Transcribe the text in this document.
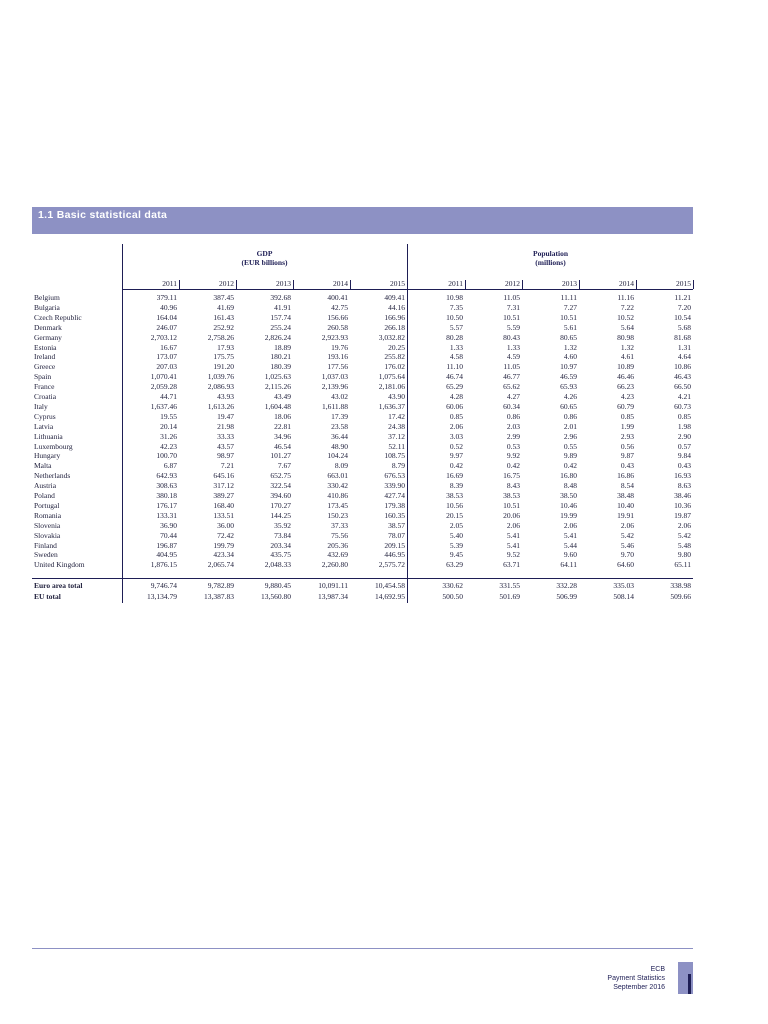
1.1 Basic statistical data
GDP
(EUR billions)
Population
(millions)
2011	2012	2013	2014	2015	2011	2012	2013	2014	2015
Belgium	379.11	387.45	392.68	400.41	409.41	10.98	11.05	11.11	11.16	11.21
Bulgaria	40.96	41.69	41.91	42.75	44.16	7.35	7.31	7.27	7.22	7.20
Czech Republic	164.04	161.43	157.74	156.66	166.96	10.50	10.51	10.51	10.52	10.54
Denmark	246.07	252.92	255.24	260.58	266.18	5.57	5.59	5.61	5.64	5.68
Germany	2,703.12	2,758.26	2,826.24	2,923.93	3,032.82	80.28	80.43	80.65	80.98	81.68
Estonia	16.67	17.93	18.89	19.76	20.25	1.33	1.33	1.32	1.32	1.31
Ireland	173.07	175.75	180.21	193.16	255.82	4.58	4.59	4.60	4.61	4.64
Greece	207.03	191.20	180.39	177.56	176.02	11.10	11.05	10.97	10.89	10.86
Spain	1,070.41	1,039.76	1,025.63	1,037.03	1,075.64	46.74	46.77	46.59	46.46	46.43
France	2,059.28	2,086.93	2,115.26	2,139.96	2,181.06	65.29	65.62	65.93	66.23	66.50
Croatia	44.71	43.93	43.49	43.02	43.90	4.28	4.27	4.26	4.23	4.21
Italy	1,637.46	1,613.26	1,604.48	1,611.88	1,636.37	60.06	60.34	60.65	60.79	60.73
Cyprus	19.55	19.47	18.06	17.39	17.42	0.85	0.86	0.86	0.85	0.85
Latvia	20.14	21.98	22.81	23.58	24.38	2.06	2.03	2.01	1.99	1.98
Lithuania	31.26	33.33	34.96	36.44	37.12	3.03	2.99	2.96	2.93	2.90
Luxembourg	42.23	43.57	46.54	48.90	52.11	0.52	0.53	0.55	0.56	0.57
Hungary	100.70	98.97	101.27	104.24	108.75	9.97	9.92	9.89	9.87	9.84
Malta	6.87	7.21	7.67	8.09	8.79	0.42	0.42	0.42	0.43	0.43
Netherlands	642.93	645.16	652.75	663.01	676.53	16.69	16.75	16.80	16.86	16.93
Austria	308.63	317.12	322.54	330.42	339.90	8.39	8.43	8.48	8.54	8.63
Poland	380.18	389.27	394.60	410.86	427.74	38.53	38.53	38.50	38.48	38.46
Portugal	176.17	168.40	170.27	173.45	179.38	10.56	10.51	10.46	10.40	10.36
Romania	133.31	133.51	144.25	150.23	160.35	20.15	20.06	19.99	19.91	19.87
Slovenia	36.90	36.00	35.92	37.33	38.57	2.05	2.06	2.06	2.06	2.06
Slovakia	70.44	72.42	73.84	75.56	78.07	5.40	5.41	5.41	5.42	5.42
Finland	196.87	199.79	203.34	205.36	209.15	5.39	5.41	5.44	5.46	5.48
Sweden	404.95	423.34	435.75	432.69	446.95	9.45	9.52	9.60	9.70	9.80
United Kingdom	1,876.15	2,065.74	2,048.33	2,260.80	2,575.72	63.29	63.71	64.11	64.60	65.11
Euro area total	9,746.74	9,782.89	9,880.45	10,091.11	10,454.58	330.62	331.55	332.28	335.03	338.98
EU total	13,134.79	13,387.83	13,560.80	13,987.34	14,692.95	500.50	501.69	506.99	508.14	509.66
ECB
Payment Statistics
September 2016
